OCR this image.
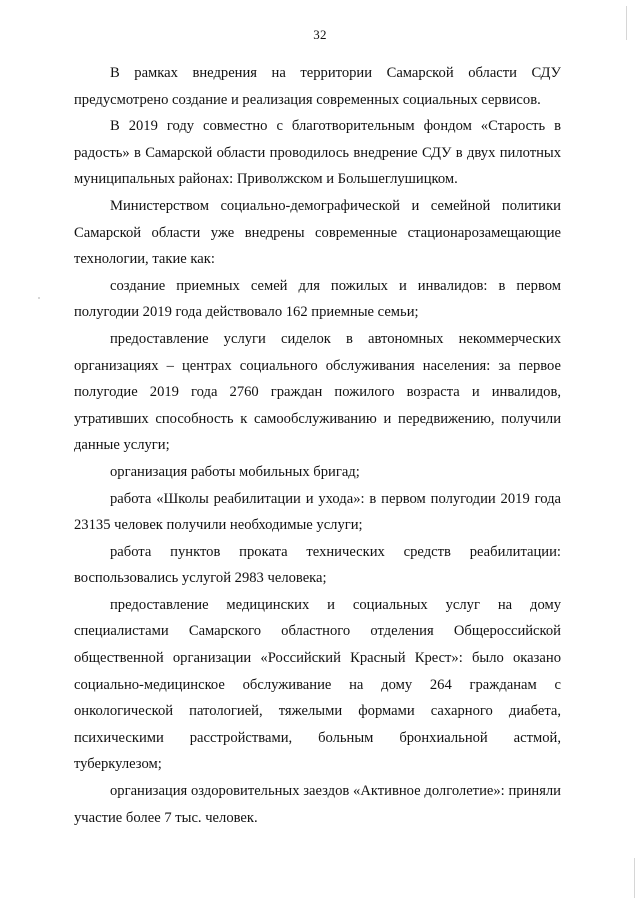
32

В рамках внедрения на территории Самарской области СДУ предусмотрено создание и реализация современных социальных сервисов.

В 2019 году совместно с благотворительным фондом «Старость в радость» в Самарской области проводилось внедрение СДУ в двух пилотных муниципальных районах: Приволжском и Большеглушицком.

Министерством социально-демографической и семейной политики Самарской области уже внедрены современные стационарозамещающие технологии, такие как:

создание приемных семей для пожилых и инвалидов: в первом полугодии 2019 года действовало 162 приемные семьи;

предоставление услуги сиделок в автономных некоммерческих организациях – центрах социального обслуживания населения: за первое полугодие 2019 года 2760 граждан пожилого возраста и инвалидов, утративших способность к самообслуживанию и передвижению, получили данные услуги;

организация работы мобильных бригад;

работа «Школы реабилитации и ухода»: в первом полугодии 2019 года 23135 человек получили необходимые услуги;

работа пунктов проката технических средств реабилитации: воспользовались услугой 2983 человека;

предоставление медицинских и социальных услуг на дому специалистами Самарского областного отделения Общероссийской общественной организации «Российский Красный Крест»: было оказано социально-медицинское обслуживание на дому 264 гражданам с онкологической патологией, тяжелыми формами сахарного диабета, психическими расстройствами, больным бронхиальной астмой, туберкулезом;

организация оздоровительных заездов «Активное долголетие»: приняли участие более 7 тыс. человек.
